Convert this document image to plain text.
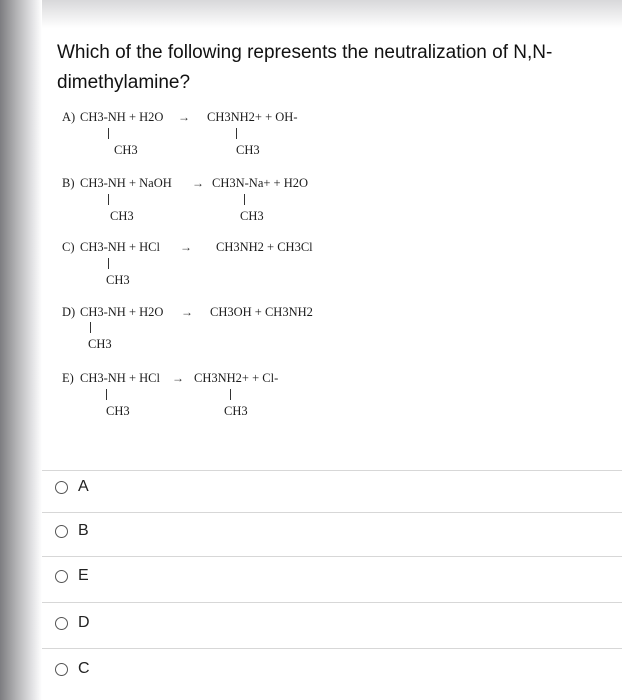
Which of the following represents the neutralization of N,N-dimethylamine?
A) CH3-NH + H2O → CH3NH2+ + OH-
CH3	CH3
B) CH3-NH + NaOH → CH3N-Na+ + H2O
CH3	CH3
C) CH3-NH + HCl → CH3NH2 + CH3Cl
CH3
D) CH3-NH + H2O → CH3OH + CH3NH2
CH3
E) CH3-NH + HCl → CH3NH2+ + Cl-
CH3	CH3
A
B
E
D
C
